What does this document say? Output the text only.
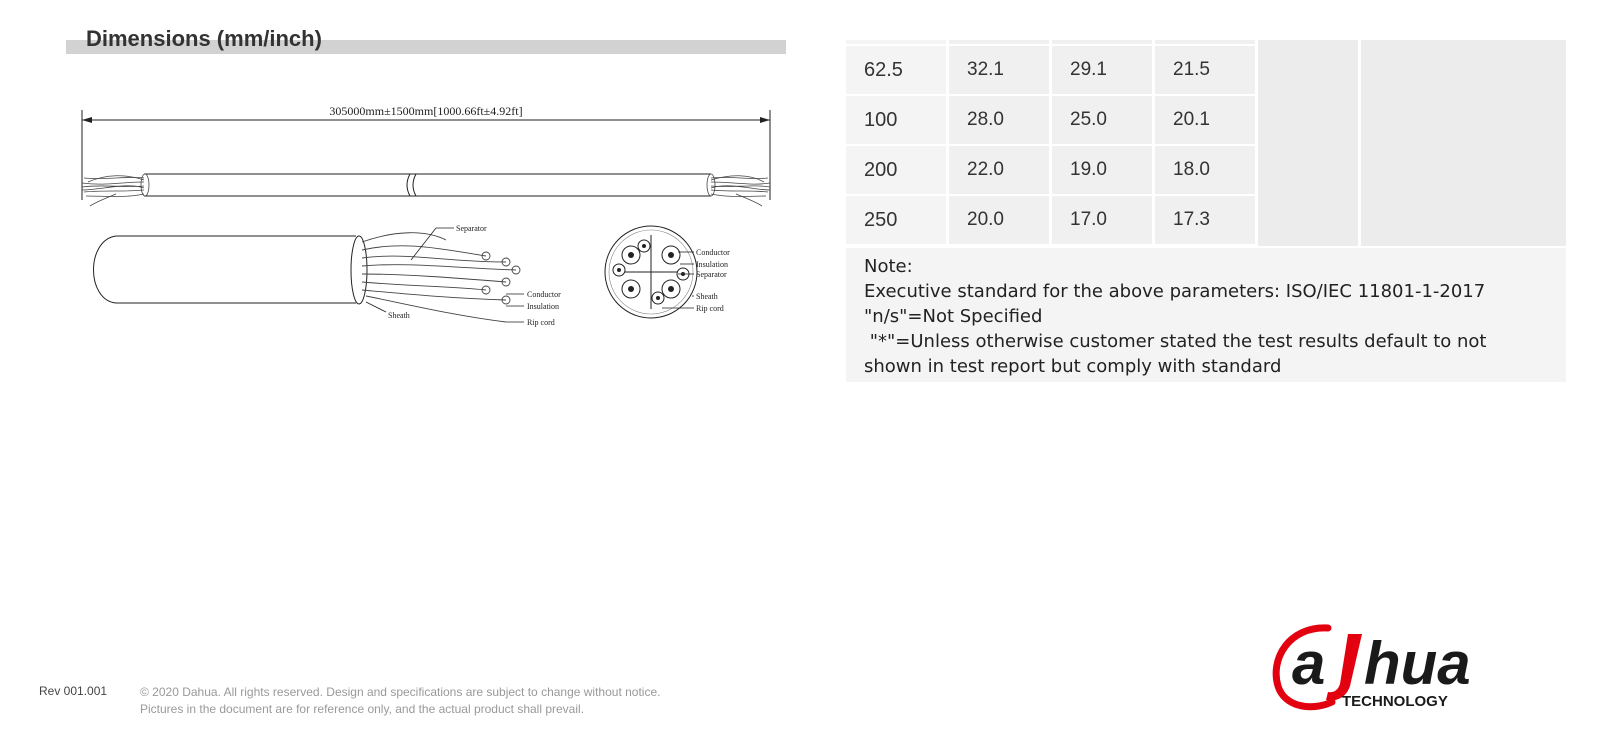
Dimensions (mm/inch)
305000mm±1500mm[1000.66ft±4.92ft]
Separator
Conductor
Insulation
Rip cord
Sheath
Conductor
Insulation
Separator
Sheath
Rip cord
62.5	32.1	29.1	21.5
100	28.0	25.0	20.1
200	22.0	19.0	18.0
250	20.0	17.0	17.3
Note:
Executive standard for the above parameters: ISO/IEC 11801-1-2017
"n/s"=Not Specified
"*"=Unless otherwise customer stated the test results default to not shown in test report but comply with standard
Rev 001.001	© 2020 Dahua. All rights reserved. Design and specifications are subject to change without notice.
Pictures in the document are for reference only, and the actual product shall prevail.
a hua
TECHNOLOGY
